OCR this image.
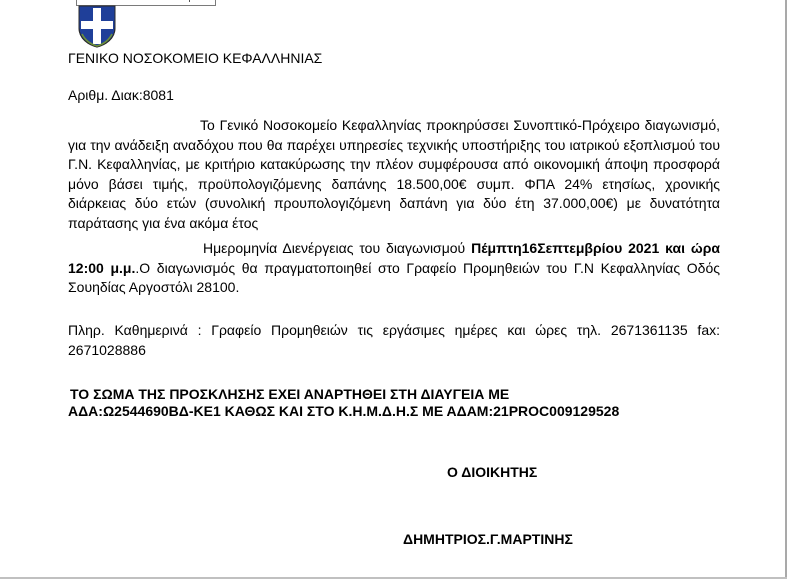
ΓΕΝΙΚΟ ΝΟΣΟΚΟΜΕΙΟ ΚΕΦΑΛΛΗΝΙΑΣ
Αριθμ. Διακ:8081
Το Γενικό Νοσοκομείο Κεφαλληνίας προκηρύσσει Συνοπτικό-Πρόχειρο διαγωνισμό, για την ανάδειξη αναδόχου που θα παρέχει υπηρεσίες τεχνικής υποστήριξης του ιατρικού εξοπλισμού του Γ.Ν. Κεφαλληνίας, με κριτήριο κατακύρωσης την πλέον συμφέρουσα από οικονομική άποψη προσφορά μόνο βάσει τιμής, προϋπολογιζόμενης δαπάνης 18.500,00€ συμπ. ΦΠΑ 24% ετησίως, χρονικής διάρκειας δύο ετών (συνολική προυπολογιζόμενη δαπάνη για δύο έτη 37.000,00€) με δυνατότητα παράτασης για ένα ακόμα έτος
Ημερομηνία Διενέργειας του διαγωνισμού Πέμπτη16Σεπτεμβρίου 2021 και ώρα 12:00 μ.μ..Ο διαγωνισμός θα πραγματοποιηθεί στο Γραφείο Προμηθειών του Γ.Ν Κεφαλληνίας Οδός Σουηδίας Αργοστόλι 28100.
Πληρ. Καθημερινά : Γραφείο Προμηθειών τις εργάσιμες ημέρες και ώρες τηλ. 2671361135 fax: 2671028886
ΤΟ ΣΩΜΑ ΤΗΣ ΠΡΟΣΚΛΗΣΗΣ ΕΧΕΙ ΑΝΑΡΤΗΘΕΙ ΣΤΗ ΔΙΑΥΓΕΙΑ ΜΕ
ΑΔΑ:Ω2544690ΒΔ-ΚΕ1 ΚΑΘΩΣ ΚΑΙ ΣΤΟ Κ.Η.Μ.Δ.Η.Σ ΜΕ ΑΔΑΜ:21PROC009129528
Ο ΔΙΟΙΚΗΤΗΣ
ΔΗΜΗΤΡΙΟΣ.Γ.ΜΑΡΤΙΝΗΣ
